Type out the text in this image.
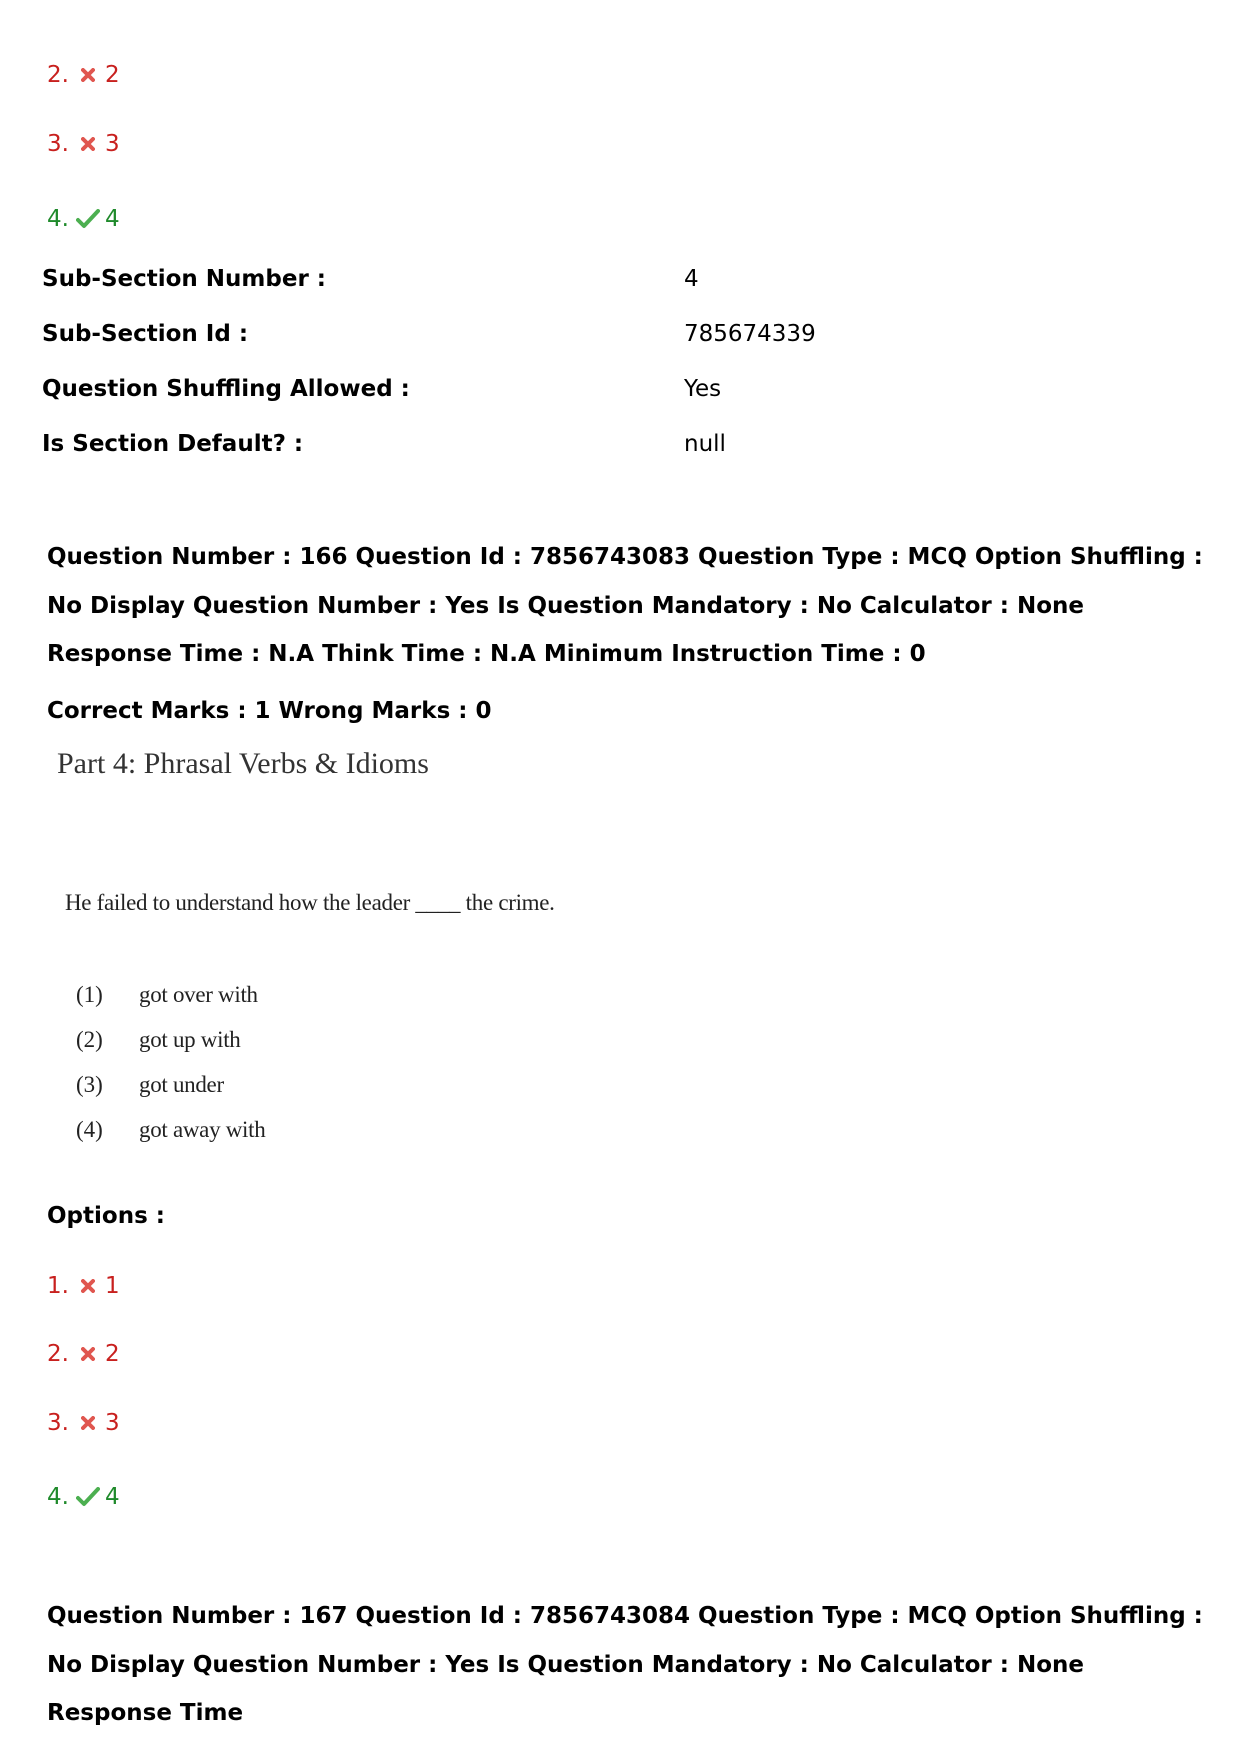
2. 2
3. 3
4. 4
Sub-Section Number :	4
Sub-Section Id :	785674339
Question Shuffling Allowed :	Yes
Is Section Default? :	null
Question Number : 166 Question Id : 7856743083 Question Type : MCQ Option Shuffling : No Display Question Number : Yes Is Question Mandatory : No Calculator : None Response Time : N.A Think Time : N.A Minimum Instruction Time : 0
Correct Marks : 1 Wrong Marks : 0
Part 4: Phrasal Verbs & Idioms
He failed to understand how the leader ____ the crime.
(1) got over with
(2) got up with
(3) got under
(4) got away with
Options :
1. 1
2. 2
3. 3
4. 4
Question Number : 167 Question Id : 7856743084 Question Type : MCQ Option Shuffling : No Display Question Number : Yes Is Question Mandatory : No Calculator : None Response Time
